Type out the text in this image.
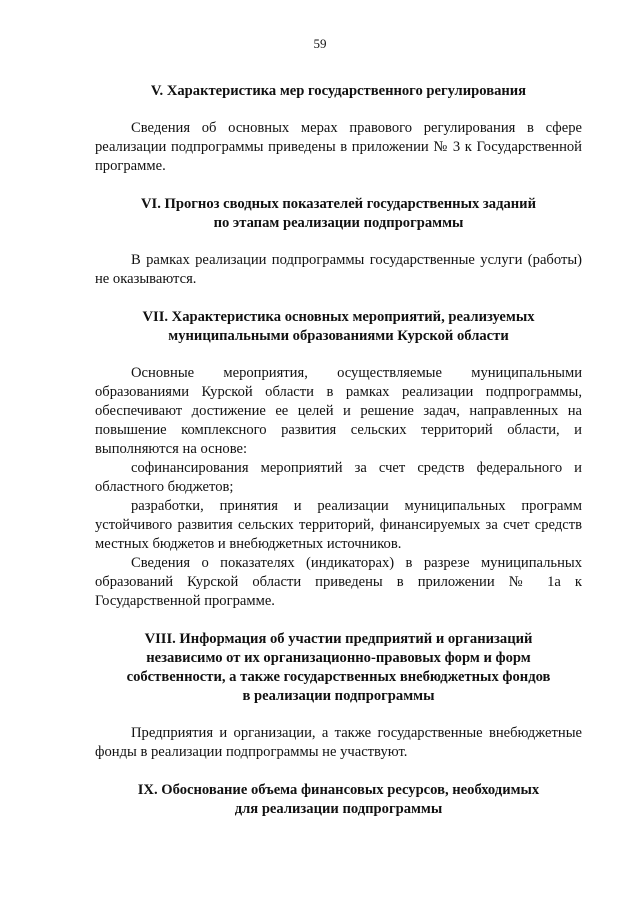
59

V. Характеристика мер государственного регулирования

Сведения об основных мерах правового регулирования в сфере реализации подпрограммы приведены в приложении № 3 к Государственной программе.

VI. Прогноз сводных показателей государственных заданий
по этапам реализации подпрограммы

В рамках реализации подпрограммы государственные услуги (работы) не оказываются.

VII. Характеристика основных мероприятий, реализуемых
муниципальными образованиями Курской области

Основные мероприятия, осуществляемые муниципальными образованиями Курской области в рамках реализации подпрограммы, обеспечивают достижение ее целей и решение задач, направленных на повышение комплексного развития сельских территорий области, и выполняются на основе:

софинансирования мероприятий за счет средств федерального и областного бюджетов;

разработки, принятия и реализации муниципальных программ устойчивого развития сельских территорий, финансируемых за счет средств местных бюджетов и внебюджетных источников.

Сведения о показателях (индикаторах) в разрезе муниципальных образований Курской области приведены в приложении № 1а к Государственной программе.

VIII. Информация об участии предприятий и организаций
независимо от их организационно-правовых форм и форм
собственности, а также государственных внебюджетных фондов
в реализации подпрограммы

Предприятия и организации, а также государственные внебюджетные фонды в реализации подпрограммы не участвуют.

IX. Обоснование объема финансовых ресурсов, необходимых
для реализации подпрограммы
